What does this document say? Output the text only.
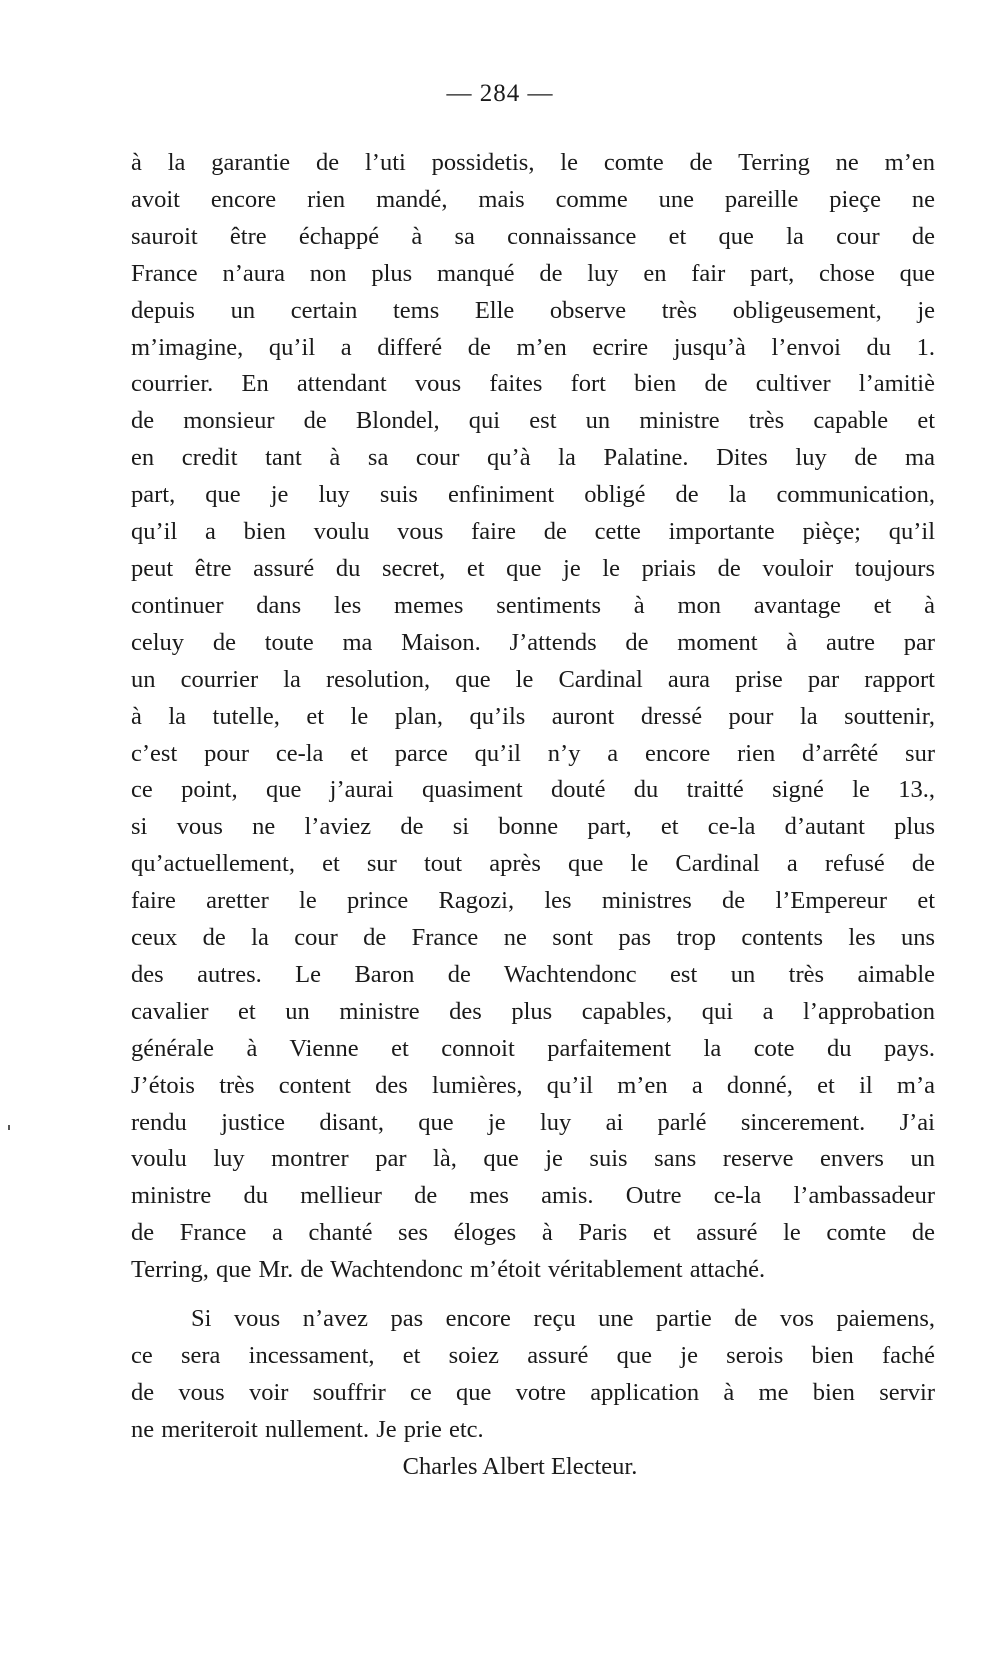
— 284 —
à la garantie de l’uti possidetis, le comte de Terring ne m’en
avoit encore rien mandé, mais comme une pareille pieçe ne
sauroit être échappé à sa connaissance et que la cour de
France n’aura non plus manqué de luy en fair part, chose que
depuis un certain tems Elle observe très obligeusement, je
m’imagine, qu’il a differé de m’en ecrire jusqu’à l’envoi du 1.
courrier. En attendant vous faites fort bien de cultiver l’amitiè
de monsieur de Blondel, qui est un ministre très capable et
en credit tant à sa cour qu’à la Palatine. Dites luy de ma
part, que je luy suis enfiniment obligé de la communication,
qu’il a bien voulu vous faire de cette importante pièçe; qu’il
peut être assuré du secret, et que je le priais de vouloir toujours
continuer dans les memes sentiments à mon avantage et à
celuy de toute ma Maison. J’attends de moment à autre par
un courrier la resolution, que le Cardinal aura prise par rapport
à la tutelle, et le plan, qu’ils auront dressé pour la souttenir,
c’est pour ce-la et parce qu’il n’y a encore rien d’arrêté sur
ce point, que j’aurai quasiment douté du traitté signé le 13.,
si vous ne l’aviez de si bonne part, et ce-la d’autant plus
qu’actuellement, et sur tout après que le Cardinal a refusé de
faire aretter le prince Ragozi, les ministres de l’Empereur et
ceux de la cour de France ne sont pas trop contents les uns
des autres. Le Baron de Wachtendonc est un très aimable
cavalier et un ministre des plus capables, qui a l’approbation
générale à Vienne et connoit parfaitement la cote du pays.
J’étois très content des lumières, qu’il m’en a donné, et il m’a
rendu justice disant, que je luy ai parlé sincerement. J’ai
voulu luy montrer par là, que je suis sans reserve envers un
ministre du mellieur de mes amis. Outre ce-la l’ambassadeur
de France a chanté ses éloges à Paris et assuré le comte de
Terring, que Mr. de Wachtendonc m’étoit véritablement attaché.
Si vous n’avez pas encore reçu une partie de vos paiemens,
ce sera incessament, et soiez assuré que je serois bien faché
de vous voir souffrir ce que votre application à me bien servir
ne meriteroit nullement. Je prie etc.
Charles Albert Electeur.
